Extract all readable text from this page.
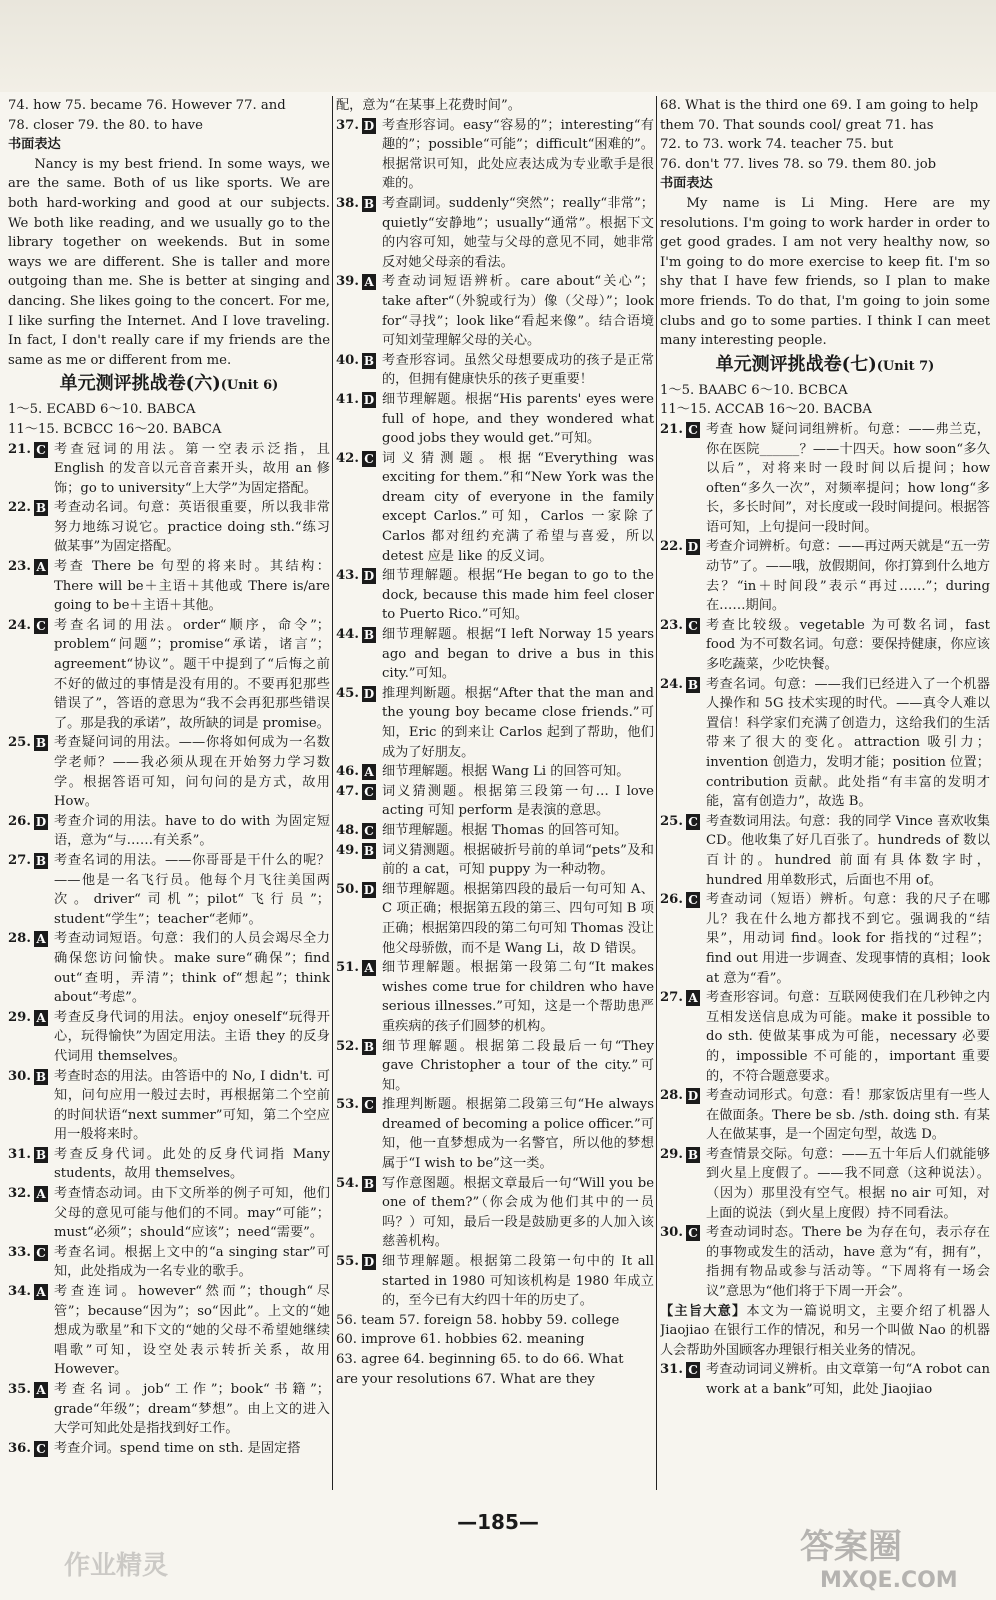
74. how 75. became 76. However 77. and
78. closer 79. the 80. to have
书面表达
Nancy is my best friend. In some ways, we are the same. Both of us like sports. We are both hard-working and good at our subjects. We both like reading, and we usually go to the library together on weekends. But in some ways we are different. She is taller and more outgoing than me. She is better at singing and dancing. She likes going to the concert. For me, I like surfing the Internet. And I love traveling. In fact, I don't really care if my friends are the same as me or different from me.
单元测评挑战卷(六)(Unit 6)
1～5. ECABD 6～10. BABCA
11～15. BCBCC 16～20. BABCA
21. C 考查冠词的用法。第一空表示泛指，且 English 的发音以元音音素开头，故用 an 修饰；go to university“上大学”为固定搭配。
22. B 考查动名词。句意：英语很重要，所以我非常努力地练习说它。practice doing sth.“练习做某事”为固定搭配。
23. A 考查 There be 句型的将来时。其结构：There will be＋主语＋其他或 There is/are going to be＋主语＋其他。
24. C 考查名词的用法。order“顺序，命令”；problem“问题”；promise“承诺，诸言”；agreement“协议”。题干中提到了“后悔之前不好的做过的事情是没有用的。不要再犯那些错误了”，答语的意思为“我不会再犯那些错误了。那是我的承诺”，故所缺的词是 promise。
25. B 考查疑问词的用法。——你将如何成为一名数学老师？——我必须从现在开始努力学习数学。根据答语可知，问句问的是方式，故用 How。
26. D 考查介词的用法。have to do with 为固定短语，意为“与……有关系”。
27. B 考查名词的用法。——你哥哥是干什么的呢？——他是一名飞行员。他每个月飞往美国两次。driver“司机”；pilot“飞行员”；student“学生”；teacher“老师”。
28. A 考查动词短语。句意：我们的人员会竭尽全力确保您访问愉快。make sure“确保”；find out“查明，弄清”；think of“想起”；think about“考虑”。
29. A 考查反身代词的用法。enjoy oneself“玩得开心，玩得愉快”为固定用法。主语 they 的反身代词用 themselves。
30. B 考查时态的用法。由答语中的 No, I didn't. 可知，问句应用一般过去时，再根据第二个空前的时间状语“next summer”可知，第二个空应用一般将来时。
31. B 考查反身代词。此处的反身代词指 Many students，故用 themselves。
32. A 考查情态动词。由下文所举的例子可知，他们父母的意见可能与他们的不同。may“可能”；must“必须”；should“应该”；need“需要”。
33. C 考查名词。根据上文中的“a singing star”可知，此处指成为一名专业的歌手。
34. A 考查连词。however“然而”；though“尽管”；because“因为”；so“因此”。上文的“她想成为歌星”和下文的“她的父母不希望她继续唱歌”可知，设空处表示转折关系，故用 However。
35. A 考查名词。job“工作”；book“书籍”；grade“年级”；dream“梦想”。由上文的进入大学可知此处是指找到好工作。
36. C 考查介词。spend time on sth. 是固定搭
配，意为“在某事上花费时间”。
37. D 考查形容词。easy“容易的”；interesting“有趣的”；possible“可能”；difficult“困难的”。根据常识可知，此处应表达成为专业歌手是很难的。
38. B 考查副词。suddenly“突然”；really“非常”；quietly“安静地”；usually“通常”。根据下文的内容可知，她莹与父母的意见不同，她非常反对她父母亲的看法。
39. A 考查动词短语辨析。care about“关心”；take after“（外貌或行为）像（父母）”；look for“寻找”；look like“看起来像”。结合语境可知刘莹理解父母的关心。
40. B 考查形容词。虽然父母想要成功的孩子是正常的，但拥有健康快乐的孩子更重要！
41. D 细节理解题。根据“His parents' eyes were full of hope, and they wondered what good jobs they would get.”可知。
42. C 词义猜测题。根据“Everything was exciting for them.”和“New York was the dream city of everyone in the family except Carlos.”可知，Carlos 一家除了 Carlos 都对纽约充满了希望与喜爱，所以 detest 应是 like 的反义词。
43. D 细节理解题。根据“He began to go to the dock, because this made him feel closer to Puerto Rico.”可知。
44. B 细节理解题。根据“I left Norway 15 years ago and began to drive a bus in this city.”可知。
45. D 推理判断题。根据“After that the man and the young boy became close friends.”可知，Eric 的到来让 Carlos 起到了帮助，他们成为了好朋友。
46. A 细节理解题。根据 Wang Li 的回答可知。
47. C 词义猜测题。根据第三段第一句… I love acting 可知 perform 是表演的意思。
48. C 细节理解题。根据 Thomas 的回答可知。
49. B 词义猜测题。根据破折号前的单词“pets”及和前的 a cat，可知 puppy 为一种动物。
50. D 细节理解题。根据第四段的最后一句可知 A、C 项正确；根据第五段的第三、四句可知 B 项正确；根据第四段的第二句可知 Thomas 没让他父母骄傲，而不是 Wang Li，故 D 错误。
51. A 细节理解题。根据第一段第二句“It makes wishes come true for children who have serious illnesses.”可知，这是一个帮助患严重疾病的孩子们圆梦的机构。
52. B 细节理解题。根据第二段最后一句“They gave Christopher a tour of the city.”可知。
53. C 推理判断题。根据第二段第三句“He always dreamed of becoming a police officer.”可知，他一直梦想成为一名警官，所以他的梦想属于“I wish to be”这一类。
54. B 写作意图题。根据文章最后一句“Will you be one of them?”（你会成为他们其中的一员吗？）可知，最后一段是鼓励更多的人加入该慈善机构。
55. D 细节理解题。根据第二段第一句中的 It all started in 1980 可知该机构是 1980 年成立的，至今已有大约四十年的历史了。
56. team 57. foreign 58. hobby 59. college
60. improve 61. hobbies 62. meaning
63. agree 64. beginning 65. to do 66. What
are your resolutions 67. What are they
68. What is the third one 69. I am going to help
them 70. That sounds cool/ great 71. has
72. to 73. work 74. teacher 75. but
76. don't 77. lives 78. so 79. them 80. job
书面表达
My name is Li Ming. Here are my resolutions. I'm going to work harder in order to get good grades. I am not very healthy now, so I'm going to do more exercise to keep fit. I'm so shy that I have few friends, so I plan to make more friends. To do that, I'm going to join some clubs and go to some parties. I think I can meet many interesting people.
单元测评挑战卷(七)(Unit 7)
1～5. BAABC 6～10. BCBCA
11～15. ACCAB 16～20. BACBA
21. C 考查 how 疑问词组辨析。句意：——弗兰克，你在医院______？——十四天。how soon“多久以后”，对将来时一段时间以后提问；how often“多久一次”，对频率提问；how long“多长，多长时间”，对长度或一段时间提问。根据答语可知，上句提问一段时间。
22. D 考查介词辨析。句意：——再过两天就是“五一劳动节”了。——哦，放假期间，你打算到什么地方去？“in＋时间段”表示“再过……”；during 在……期间。
23. C 考查比较级。vegetable 为可数名词，fast food 为不可数名词。句意：要保持健康，你应该多吃蔬菜，少吃快餐。
24. B 考查名词。句意：——我们已经进入了一个机器人操作和 5G 技术实现的时代。——真令人难以置信！科学家们充满了创造力，这给我们的生活带来了很大的变化。attraction 吸引力；invention 创造力，发明才能；position 位置；contribution 贡献。此处指“有丰富的发明才能，富有创造力”，故选 B。
25. C 考查数词用法。句意：我的同学 Vince 喜欢收集 CD。他收集了好几百张了。hundreds of 数以百计的。hundred 前面有具体数字时，hundred 用单数形式，后面也不用 of。
26. C 考查动词（短语）辨析。句意：我的尺子在哪儿？我在什么地方都找不到它。强调我的“结果”，用动词 find。look for 指找的“过程”；find out 用进一步调查、发现事情的真相；look at 意为“看”。
27. A 考查形容词。句意：互联网使我们在几秒钟之内互相发送信息成为可能。make it possible to do sth. 使做某事成为可能，necessary 必要的，impossible 不可能的，important 重要的，不符合题意要求。
28. D 考查动词形式。句意：看！那家饭店里有一些人在做面条。There be sb. /sth. doing sth. 有某人在做某事，是一个固定句型，故选 D。
29. B 考查情景交际。句意：——五十年后人们就能够到火星上度假了。——我不同意（这种说法）。（因为）那里没有空气。根据 no air 可知，对上面的说法（到火星上度假）持不同看法。
30. C 考查动词时态。There be 为存在句，表示存在的事物或发生的活动，have 意为“有，拥有”，指拥有物品或参与活动等。“下周将有一场会议”意思为“他们将于下周一开会”。
【主旨大意】本文为一篇说明文，主要介绍了机器人 Jiaojiao 在银行工作的情况，和另一个叫做 Nao 的机器人会帮助外国顾客办理银行相关业务的情况。
31. C 考查动词词义辨析。由文章第一句“A robot can work at a bank”可知，此处 Jiaojiao
—185—
作业精灵	答案圈
MXQE.COM
